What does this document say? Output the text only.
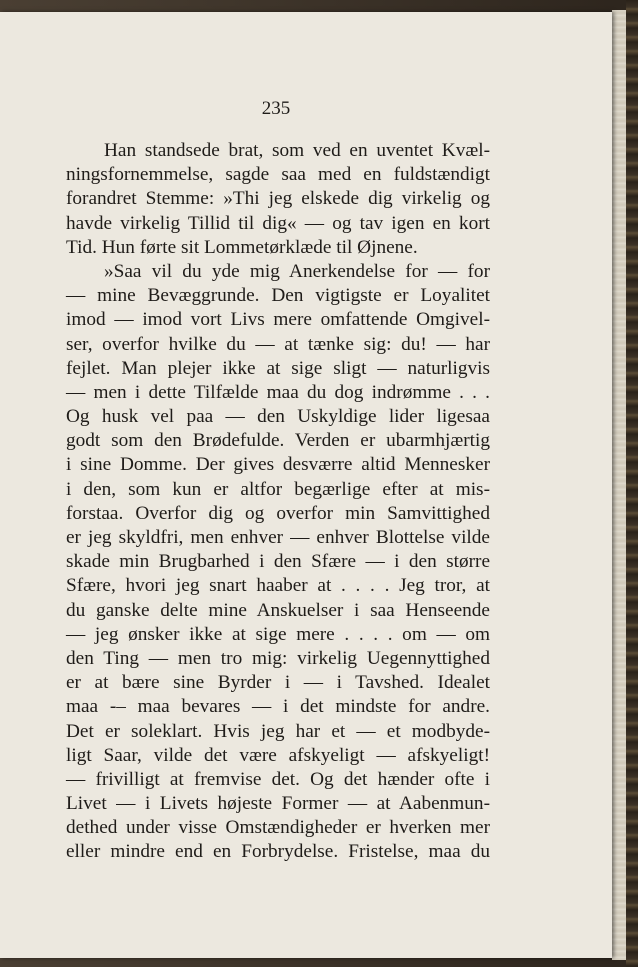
235
Han standsede brat, som ved en uventet Kvæl-
ningsfornemmelse, sagde saa med en fuldstændigt
forandret Stemme: »Thi jeg elskede dig virkelig og
havde virkelig Tillid til dig« — og tav igen en kort
Tid. Hun førte sit Lommetørklæde til Øjnene.
»Saa vil du yde mig Anerkendelse for — for
— mine Bevæggrunde. Den vigtigste er Loyalitet
imod — imod vort Livs mere omfattende Omgivel-
ser, overfor hvilke du — at tænke sig: du! — har
fejlet. Man plejer ikke at sige sligt — naturligvis
— men i dette Tilfælde maa du dog indrømme . . .
Og husk vel paa — den Uskyldige lider ligesaa
godt som den Brødefulde. Verden er ubarmhjærtig
i sine Domme. Der gives desværre altid Mennesker
i den, som kun er altfor begærlige efter at mis-
forstaa. Overfor dig og overfor min Samvittighed
er jeg skyldfri, men enhver — enhver Blottelse vilde
skade min Brugbarhed i den Sfære — i den større
Sfære, hvori jeg snart haaber at . . . . Jeg tror, at
du ganske delte mine Anskuelser i saa Henseende
— jeg ønsker ikke at sige mere . . . . om — om
den Ting — men tro mig: virkelig Uegennyttighed
er at bære sine Byrder i — i Tavshed. Idealet
maa -– maa bevares — i det mindste for andre.
Det er soleklart. Hvis jeg har et — et modbyde-
ligt Saar, vilde det være afskyeligt — afskyeligt!
— frivilligt at fremvise det. Og det hænder ofte i
Livet — i Livets højeste Former — at Aabenmun-
dethed under visse Omstændigheder er hverken mer
eller mindre end en Forbrydelse. Fristelse, maa du
